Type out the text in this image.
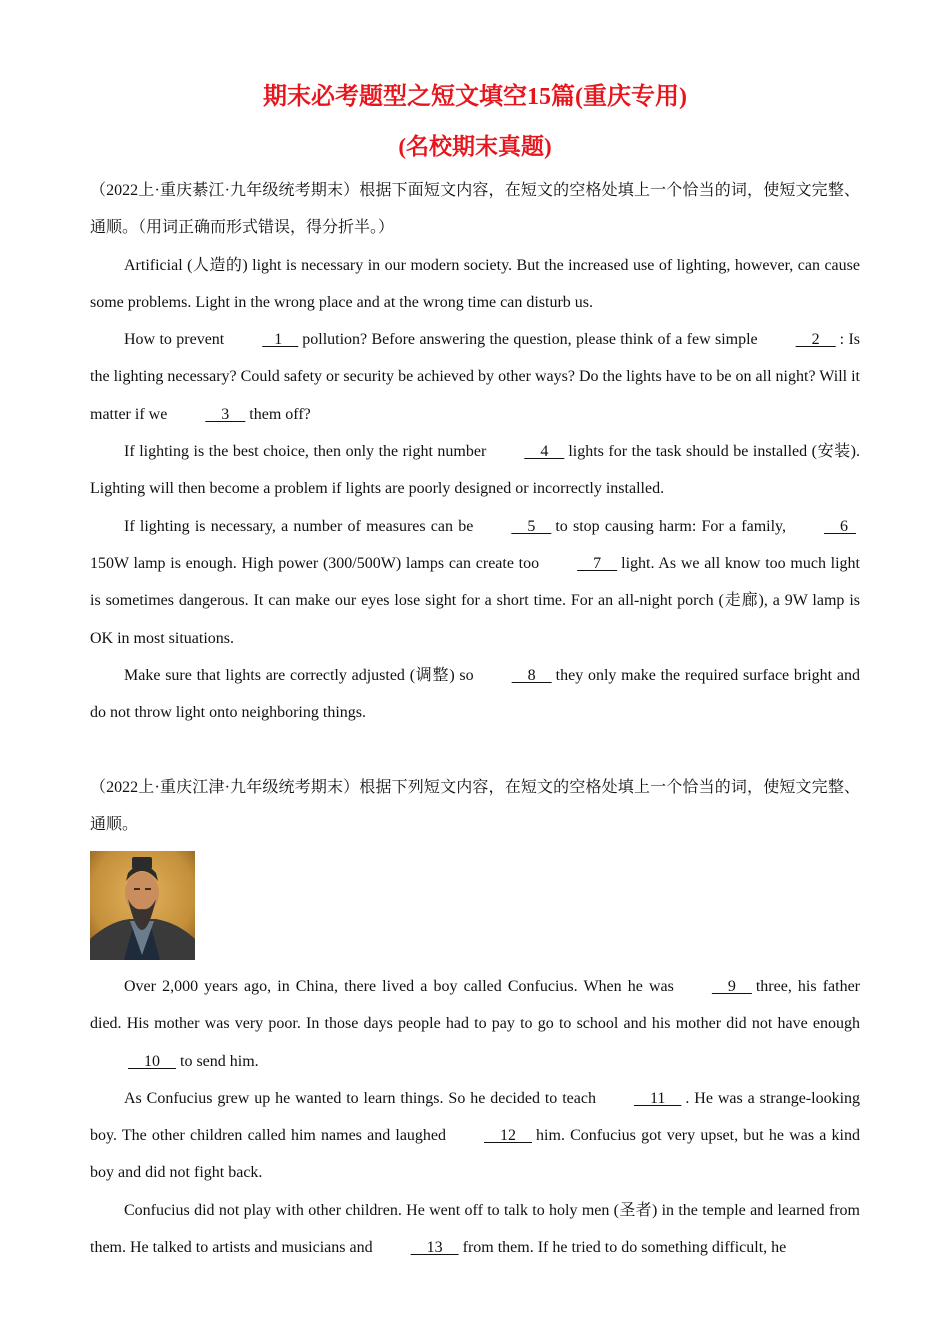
期末必考题型之短文填空15篇(重庆专用)
(名校期末真题)

（2022上·重庆綦江·九年级统考期末）根据下面短文内容，在短文的空格处填上一个恰当的词，使短文完整、通顺。（用词正确而形式错误，得分折半。）

Artificial (人造的) light is necessary in our modern society. But the increased use of lighting, however, can cause some problems. Light in the wrong place and at the wrong time can disturb us.

How to prevent   1    pollution? Before answering the question, please think of a few simple    2    : Is the lighting necessary? Could safety or security be achieved by other ways? Do the lights have to be on all night? Will it matter if we    3    them off?

If lighting is the best choice, then only the right number    4    lights for the task should be installed (安装). Lighting will then become a problem if lights are poorly designed or incorrectly installed.

If lighting is necessary, a number of measures can be    5    to stop causing harm: For a family,    6  150W lamp is enough. High power (300/500W) lamps can create too    7    light. As we all know too much light is sometimes dangerous. It can make our eyes lose sight for a short time. For an all-night porch (走廊), a 9W lamp is OK in most situations.

Make sure that lights are correctly adjusted (调整) so    8    they only make the required surface bright and do not throw light onto neighboring things.

（2022上·重庆江津·九年级统考期末）根据下列短文内容，在短文的空格处填上一个恰当的词，使短文完整、通顺。

Over 2,000 years ago, in China, there lived a boy called Confucius. When he was    9    three, his father died. His mother was very poor. In those days people had to pay to go to school and his mother did not have enough    10    to send him.

As Confucius grew up he wanted to learn things. So he decided to teach    11    . He was a strange-looking boy. The other children called him names and laughed    12    him. Confucius got very upset, but he was a kind boy and did not fight back.

Confucius did not play with other children. He went off to talk to holy men (圣者) in the temple and learned from them. He talked to artists and musicians and    13    from them. If he tried to do something difficult, he
